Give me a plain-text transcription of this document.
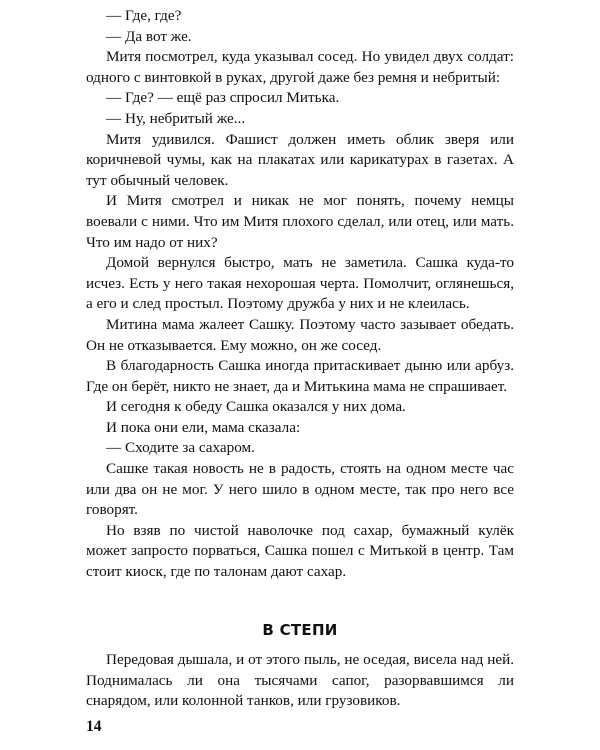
— Где, где?

— Да вот же.

Митя посмотрел, куда указывал сосед. Но увидел двух солдат: одного с винтовкой в руках, другой даже без ремня и небритый:

— Где? — ещё раз спросил Митька.

— Ну, небритый же...

Митя удивился. Фашист должен иметь облик зверя или коричневой чумы, как на плакатах или карикатурах в газетах. А тут обычный человек.

И Митя смотрел и никак не мог понять, почему немцы воевали с ними. Что им Митя плохого сделал, или отец, или мать. Что им надо от них?

Домой вернулся быстро, мать не заметила. Сашка куда-то исчез. Есть у него такая нехорошая черта. Помолчит, оглянешься, а его и след простыл. Поэтому дружба у них и не клеилась.

Митина мама жалеет Сашку. Поэтому часто зазывает обедать. Он не отказывается. Ему можно, он же сосед.

В благодарность Сашка иногда притаскивает дыню или арбуз. Где он берёт, никто не знает, да и Митькина мама не спрашивает.

И сегодня к обеду Сашка оказался у них дома.

И пока они ели, мама сказала:

— Сходите за сахаром.

Сашке такая новость не в радость, стоять на одном месте час или два он не мог. У него шило в одном месте, так про него все говорят.

Но взяв по чистой наволочке под сахар, бумажный кулёк может запросто порваться, Сашка пошел с Митькой в центр. Там стоит киоск, где по талонам дают сахар.

В СТЕПИ

Передовая дышала, и от этого пыль, не оседая, висела над ней. Поднималась ли она тысячами сапог, разорвавшимся ли снарядом, или колонной танков, или грузовиков.

14
